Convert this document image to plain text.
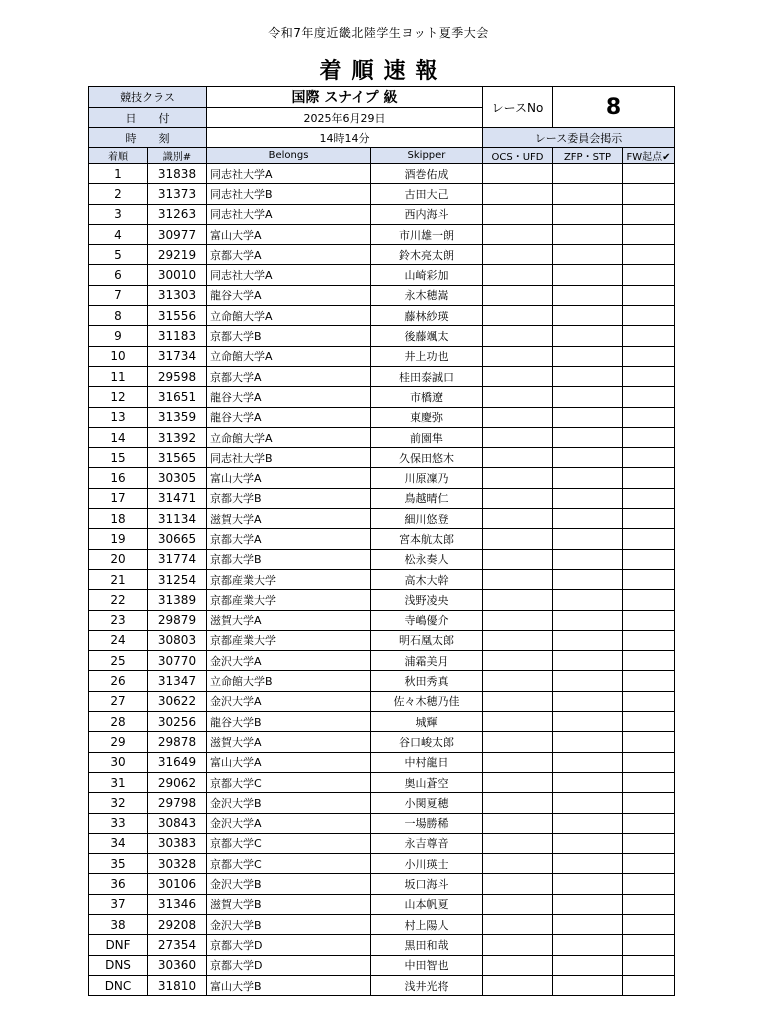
令和7年度近畿北陸学生ヨット夏季大会
着順速報
競技クラス	国際 スナイプ 級	レースNo	8
日　　付	2025年6月29日		
時　　刻	14時14分	レース委員会掲示	
着順	識別#	Belongs	Skipper	OCS・UFD	ZFP・STP	FW起点✔
1	31838	同志社大学A	酒巻佑成			
2	31373	同志社大学B	古田大己			
3	31263	同志社大学A	西内海斗			
4	30977	富山大学A	市川雄一朗			
5	29219	京都大学A	鈴木亮太朗			
6	30010	同志社大学A	山崎彩加			
7	31303	龍谷大学A	永木穂嵩			
8	31556	立命館大学A	藤林紗瑛			
9	31183	京都大学B	後藤颯太			
10	31734	立命館大学A	井上功也			
11	29598	京都大学A	桂田泰誠口			
12	31651	龍谷大学A	市橋遼			
13	31359	龍谷大学A	東慶弥			
14	31392	立命館大学A	前園隼			
15	31565	同志社大学B	久保田悠木			
16	30305	富山大学A	川原凜乃			
17	31471	京都大学B	鳥越晴仁			
18	31134	滋賀大学A	細川悠登			
19	30665	京都大学A	宮本航太郎			
20	31774	京都大学B	松永奏人			
21	31254	京都産業大学	高木大幹			
22	31389	京都産業大学	浅野凌央			
23	29879	滋賀大学A	寺嶋優介			
24	30803	京都産業大学	明石凰太郎			
25	30770	金沢大学A	浦霜美月			
26	31347	立命館大学B	秋田秀真			
27	30622	金沢大学A	佐々木穂乃佳			
28	30256	龍谷大学B	城輝			
29	29878	滋賀大学A	谷口峻太郎			
30	31649	富山大学A	中村龍日			
31	29062	京都大学C	奥山蒼空			
32	29798	金沢大学B	小関夏穂			
33	30843	金沢大学A	一場勝稀			
34	30383	京都大学C	永吉尊音			
35	30328	京都大学C	小川瑛士			
36	30106	金沢大学B	坂口海斗			
37	31346	滋賀大学B	山本帆夏			
38	29208	金沢大学B	村上陽人			
DNF	27354	京都大学D	黒田和哉			
DNS	30360	京都大学D	中田智也			
DNC	31810	富山大学B	浅井光将			
